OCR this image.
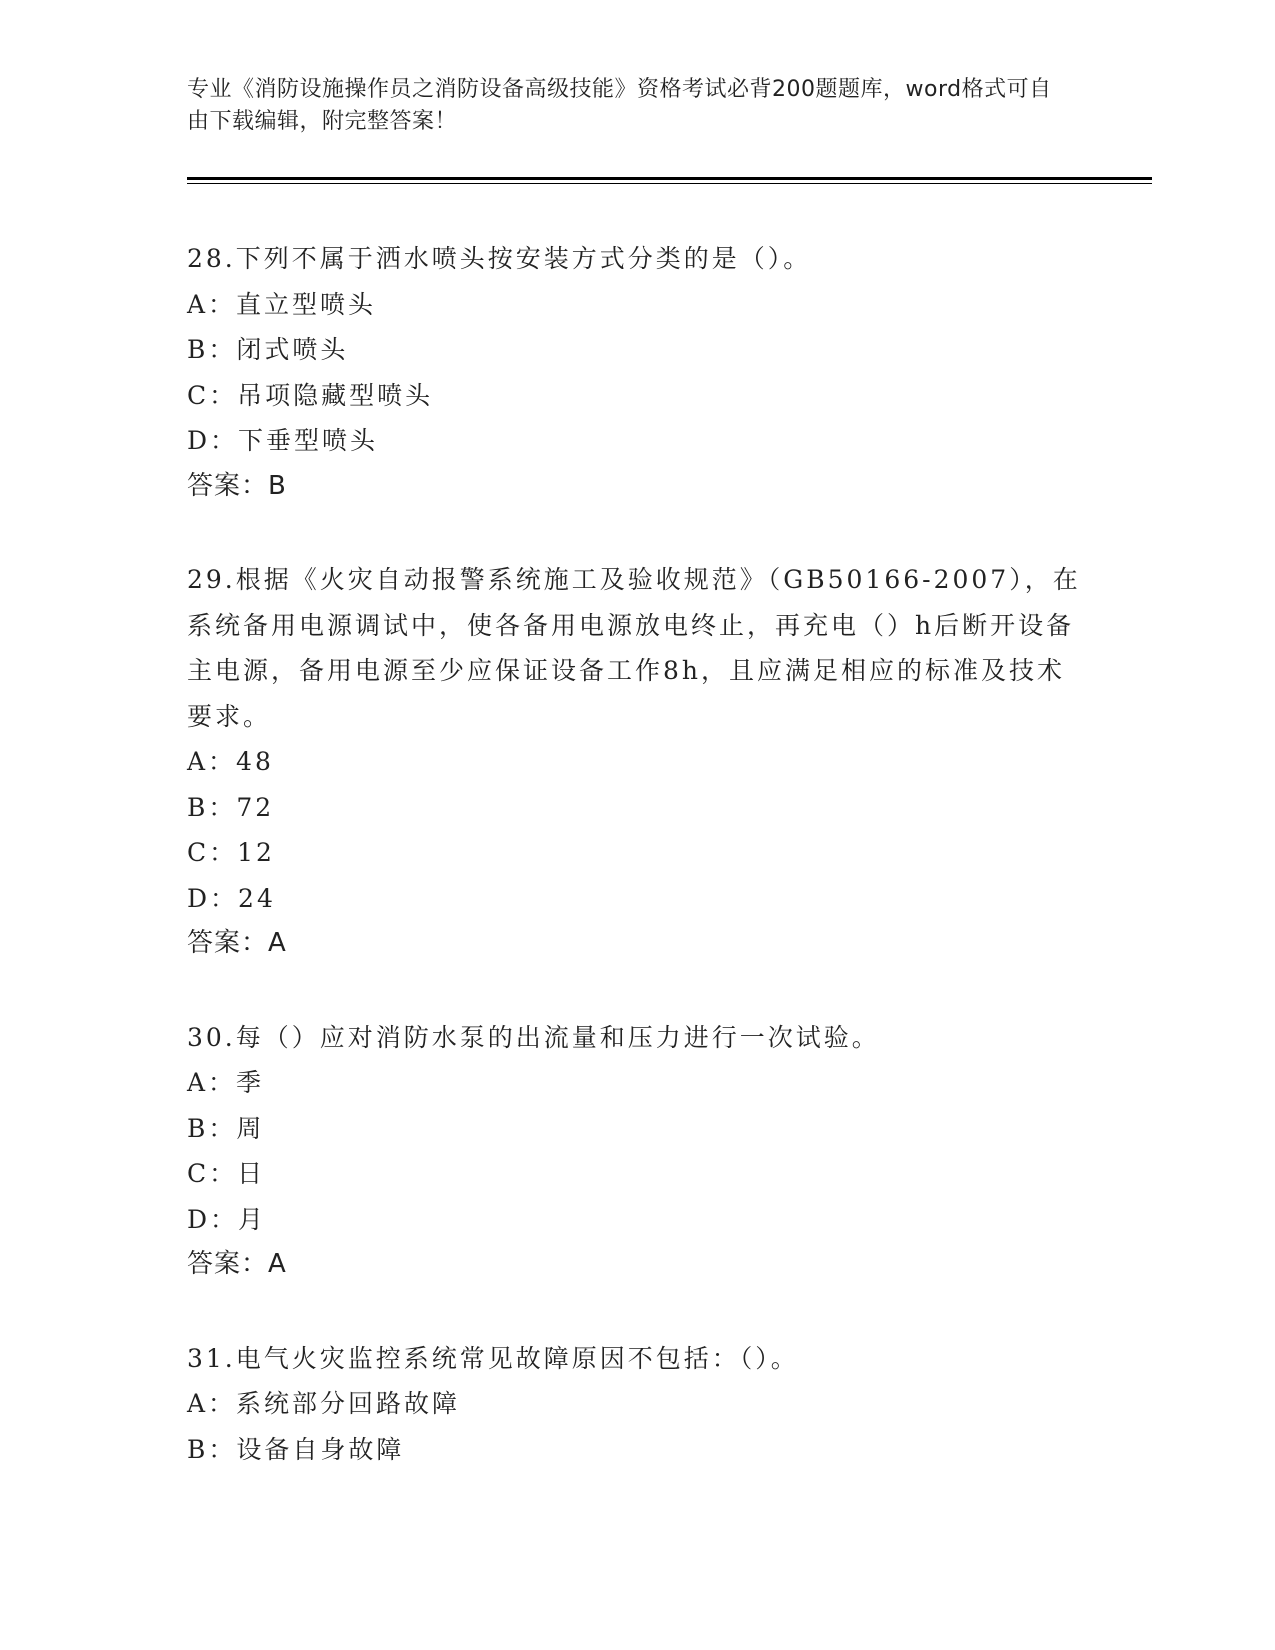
专业《消防设施操作员之消防设备高级技能》资格考试必背200题题库，word格式可自由下载编辑，附完整答案！

28.下列不属于洒水喷头按安装方式分类的是（）。

A：直立型喷头
B：闭式喷头
C：吊项隐藏型喷头
D：下垂型喷头
答案：B

29.根据《火灾自动报警系统施工及验收规范》（GB50166-2007），在系统备用电源调试中，使各备用电源放电终止，再充电（）h后断开设备主电源，备用电源至少应保证设备工作8h，且应满足相应的标准及技术要求。

A：48
B：72
C：12
D：24
答案：A

30.每（）应对消防水泵的出流量和压力进行一次试验。

A：季
B：周
C：日
D：月
答案：A

31.电气火灾监控系统常见故障原因不包括：（）。

A：系统部分回路故障
B：设备自身故障
